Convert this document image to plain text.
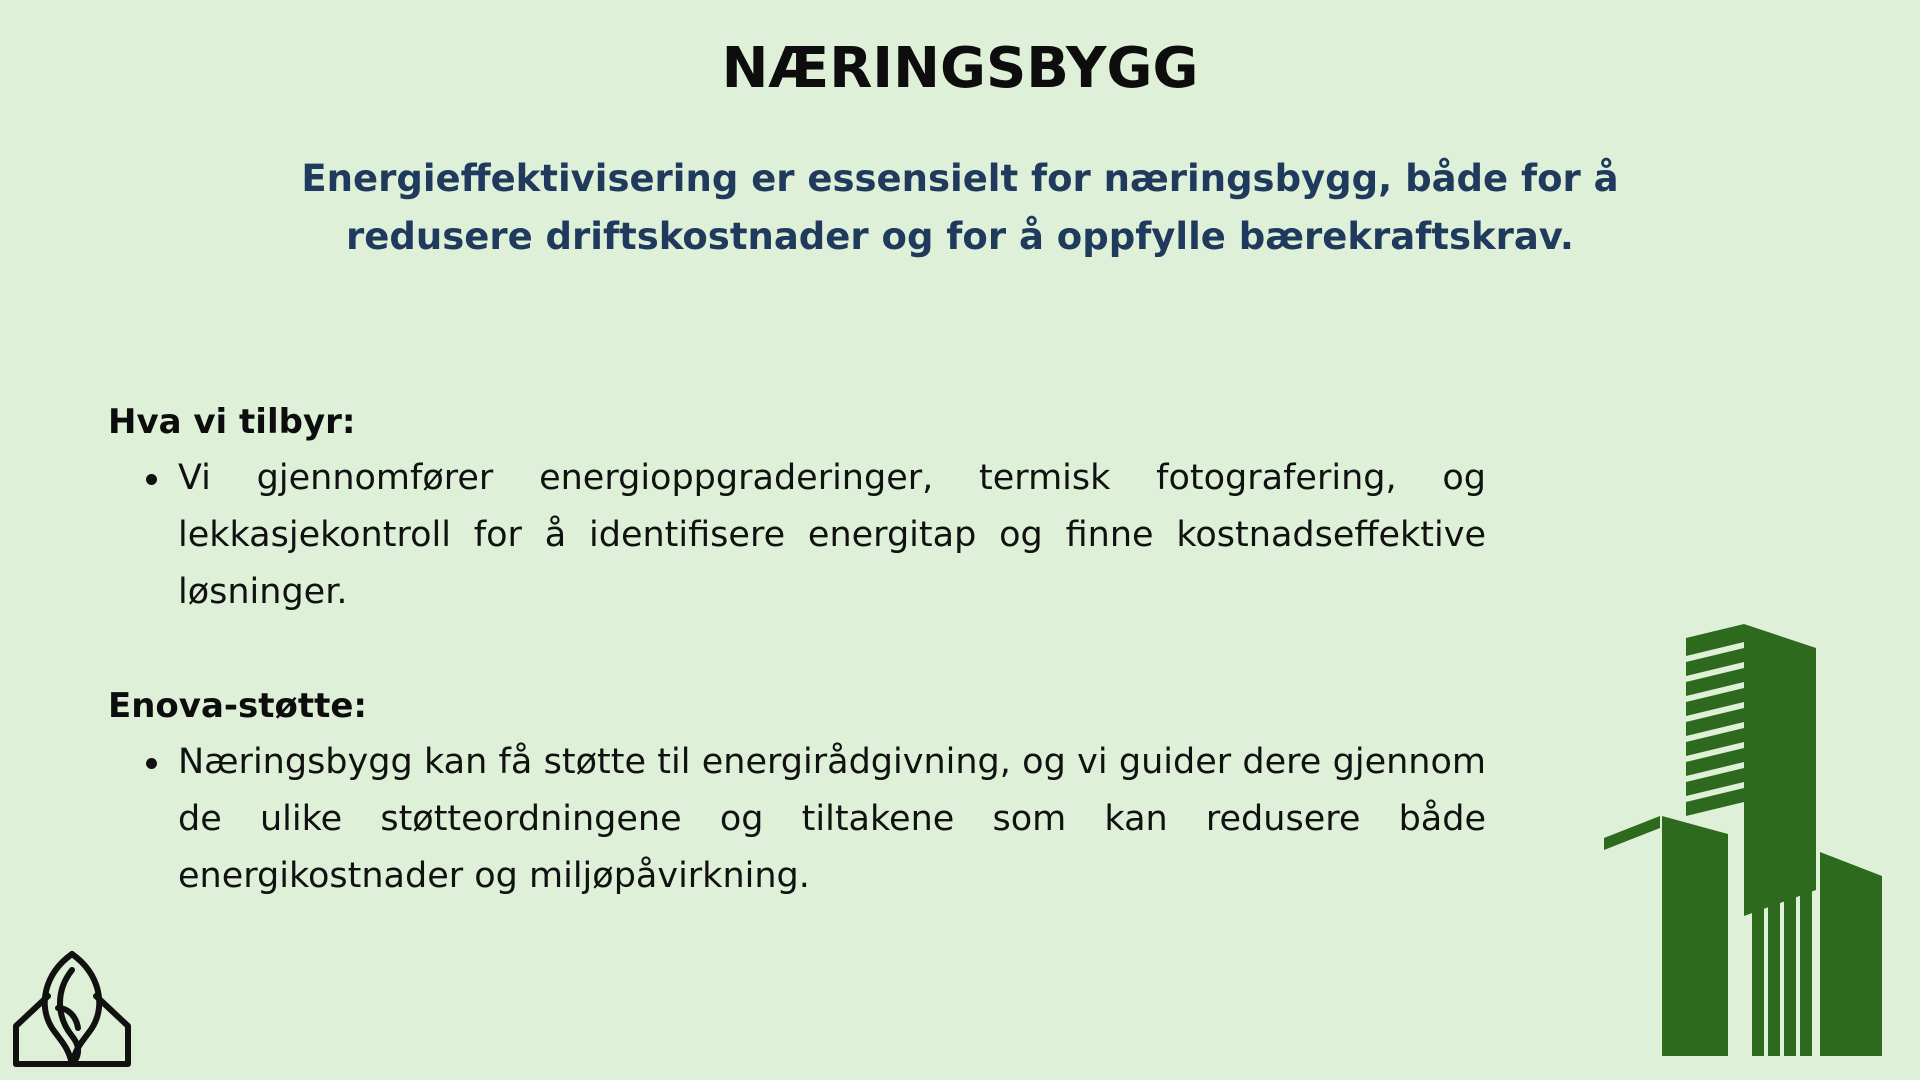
NÆRINGSBYGG

Energieffektivisering er essensielt for næringsbygg, både for å redusere driftskostnader og for å oppfylle bærekraftskrav.

Hva vi tilbyr:
Vi gjennomfører energioppgraderinger, termisk fotografering, og lekkasjekontroll for å identifisere energitap og finne kostnadseffektive løsninger.
Enova-støtte:
Næringsbygg kan få støtte til energirådgivning, og vi guider dere gjennom de ulike støtteordningene og tiltakene som kan redusere både energikostnader og miljøpåvirkning.
